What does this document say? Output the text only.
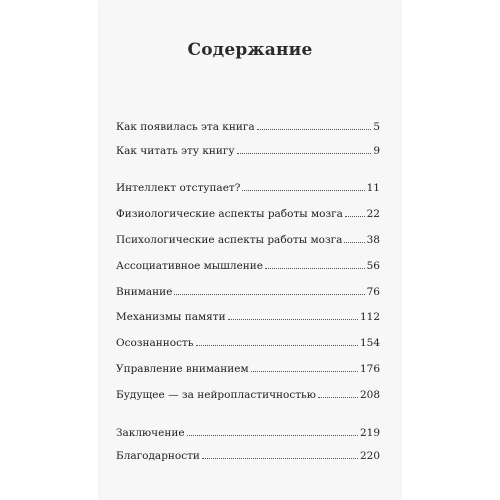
Содержание
Как появилась эта книга	5
Как читать эту книгу	9
Интеллект отступает?	11
Физиологические аспекты работы мозга 22
Психологические аспекты работы мозга 38
Ассоциативное мышление	56
Внимание	76
Механизмы памяти	112
Осознанность	154
Управление вниманием	176
Будущее — за нейропластичностью	208
Заключение	219
Благодарности	220
